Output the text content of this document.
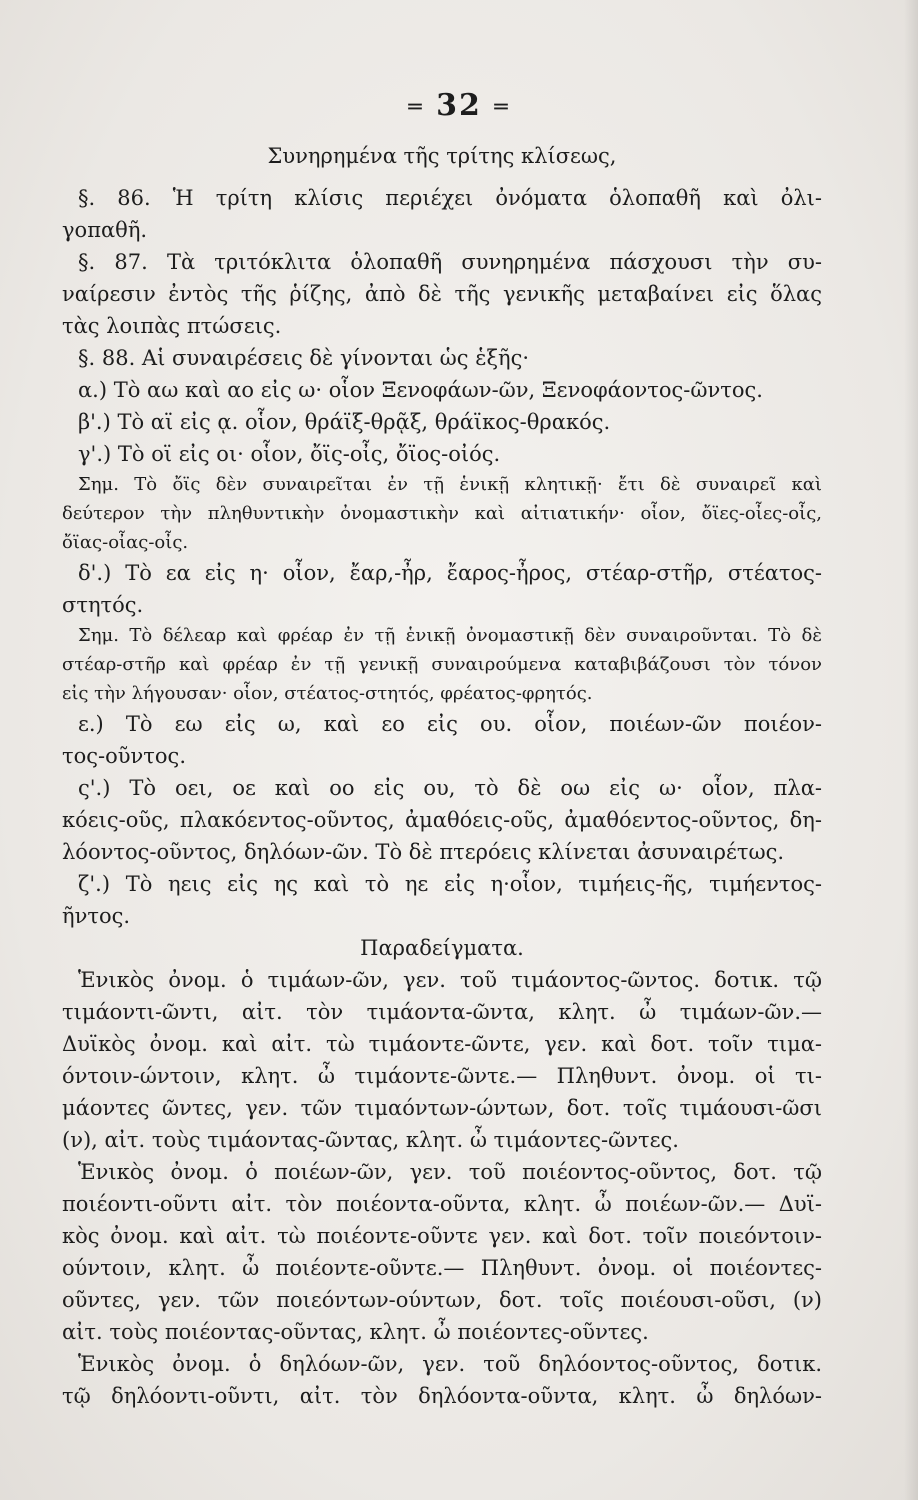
═ 32 ═
Συνηρημένα τῆς τρίτης κλίσεως,
§. 86. Ἡ τρίτη κλίσις περιέχει ὀνόματα ὁλοπαθῆ καὶ ὀλι-
γοπαθῆ.
§. 87. Τὰ τριτόκλιτα ὁλοπαθῆ συνηρημένα πάσχουσι τὴν συ-
ναίρεσιν ἐντὸς τῆς ῥίζης, ἀπὸ δὲ τῆς γενικῆς μεταβαίνει εἰς ὅλας
τὰς λοιπὰς πτώσεις.
§. 88. Αἱ συναιρέσεις δὲ γίνονται ὡς ἑξῆς·
α.) Τὸ αω καὶ αο εἰς ω· οἷον Ξενοφάων-ῶν, Ξενοφάοντος-ῶντος.
β'.) Τὸ αϊ εἰς ᾳ. οἷον, θράϊξ-θρᾷξ, θράϊκος-θρακός.
γ'.) Τὸ οϊ εἰς οι· οἷον, ὄϊς-οἶς, ὄϊος-οἰός.
Σημ. Τὸ ὄϊς δὲν συναιρεῖται ἐν τῇ ἑνικῇ κλητικῇ· ἔτι δὲ συναιρεῖ καὶ
δεύτερον τὴν πληθυντικὴν ὀνομαστικὴν καὶ αἰτιατικήν· οἷον, ὄϊες-οἶες-οἶς,
ὄϊας-οἶας-οἶς.
δ'.) Τὸ εα εἰς η· οἷον, ἔαρ,-ἦρ, ἔαρος-ἦρος, στέαρ-στῆρ, στέατος-
στητός.
Σημ. Τὸ δέλεαρ καὶ φρέαρ ἐν τῇ ἑνικῇ ὀνομαστικῇ δὲν συναιροῦνται. Τὸ δὲ
στέαρ-στῆρ καὶ φρέαρ ἐν τῇ γενικῇ συναιρούμενα καταβιβάζουσι τὸν τόνον
εἰς τὴν λήγουσαν· οἷον, στέατος-στητός, φρέατος-φρητός.
ε.) Τὸ εω εἰς ω, καὶ εο εἰς ου. οἷον, ποιέων-ῶν ποιέον-
τος-οῦντος.
ς'.) Τὸ οει, οε καὶ οο εἰς ου, τὸ δὲ οω εἰς ω· οἷον, πλα-
κόεις-οῦς, πλακόεντος-οῦντος, ἀμαθόεις-οῦς, ἀμαθόεντος-οῦντος, δη-
λόοντος-οῦντος, δηλόων-ῶν. Τὸ δὲ πτερόεις κλίνεται ἀσυναιρέτως.
ζ'.) Τὸ ηεις εἰς ης καὶ τὸ ηε εἰς η·οἷον, τιμήεις-ῆς, τιμήεντος-
ῆντος.
Παραδείγματα.
Ἑνικὸς ὀνομ. ὁ τιμάων-ῶν, γεν. τοῦ τιμάοντος-ῶντος. δοτικ. τῷ
τιμάοντι-ῶντι, αἰτ. τὸν τιμάοντα-ῶντα, κλητ. ὦ τιμάων-ῶν.—
Δυϊκὸς ὀνομ. καὶ αἰτ. τὼ τιμάοντε-ῶντε, γεν. καὶ δοτ. τοῖν τιμα-
όντοιν-ώντοιν, κλητ. ὦ τιμάοντε-ῶντε.— Πληθυντ. ὀνομ. οἱ τι-
μάοντες ῶντες, γεν. τῶν τιμαόντων-ώντων, δοτ. τοῖς τιμάουσι-ῶσι
(ν), αἰτ. τοὺς τιμάοντας-ῶντας, κλητ. ὦ τιμάοντες-ῶντες.
Ἑνικὸς ὀνομ. ὁ ποιέων-ῶν, γεν. τοῦ ποιέοντος-οῦντος, δοτ. τῷ
ποιέοντι-οῦντι αἰτ. τὸν ποιέοντα-οῦντα, κλητ. ὦ ποιέων-ῶν.— Δυϊ-
κὸς ὀνομ. καὶ αἰτ. τὼ ποιέοντε-οῦντε γεν. καὶ δοτ. τοῖν ποιεόντοιν-
ούντοιν, κλητ. ὦ ποιέοντε-οῦντε.— Πληθυντ. ὀνομ. οἱ ποιέοντες-
οῦντες, γεν. τῶν ποιεόντων-ούντων, δοτ. τοῖς ποιέουσι-οῦσι, (ν)
αἰτ. τοὺς ποιέοντας-οῦντας, κλητ. ὦ ποιέοντες-οῦντες.
Ἑνικὸς ὀνομ. ὁ δηλόων-ῶν, γεν. τοῦ δηλόοντος-οῦντος, δοτικ.
τῷ δηλόοντι-οῦντι, αἰτ. τὸν δηλόοντα-οῦντα, κλητ. ὦ δηλόων-
